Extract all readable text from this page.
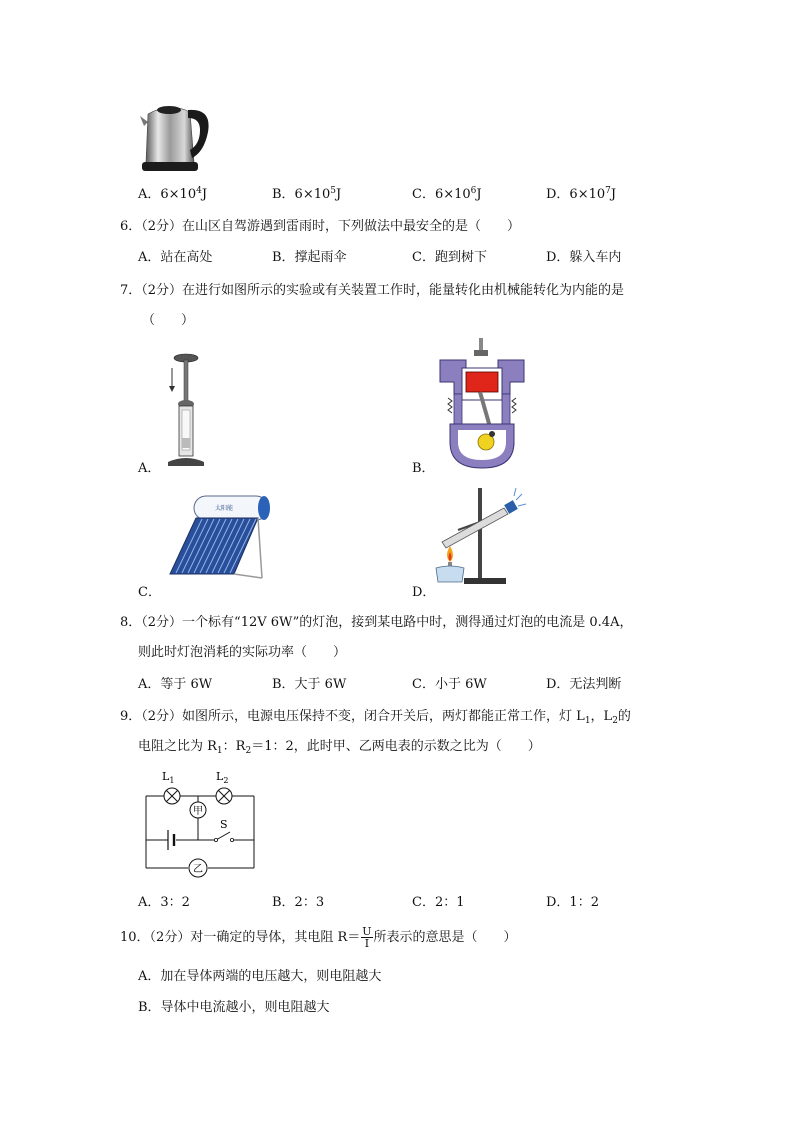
A．$6\times 10^4J$	B．$6\times 10^5J$	C．$6\times 10^6J$	D．$6\times 10^7J$
6．（2分）在山区自驾游遇到雷雨时，下列做法中最安全的是（　　）
A．站在高处	B．撑起雨伞	C．跑到树下	D．躲入车内
7．（2分）在进行如图所示的实验或有关装置工作时，能量转化由机械能转化为内能的是
（　　）
A．	B．
太阳能
C．	D．
8．（2分）一个标有“12V 6W”的灯泡，接到某电路中时，测得通过灯泡的电流是 0.4A，
则此时灯泡消耗的实际功率（　　）
A．等于 6W	B．大于 6W	C．小于 6W	D．无法判断
9．（2分）如图所示，电源电压保持不变，闭合开关后，两灯都能正常工作，灯 $L_1$，$L_2$的
电阻之比为 $R_1$：$R_2=1$：2，此时甲、乙两电表的示数之比为（　　）
$L_1$	$L_2$
甲
乙
S
A．3：2	B．2：3	C．2：1	D．1：2
10．（2分）对一确定的导体，其电阻 $R= \frac{U}{I}$ 所表示的意思是（　　）
A．加在导体两端的电压越大，则电阻越大
B．导体中电流越小，则电阻越大
